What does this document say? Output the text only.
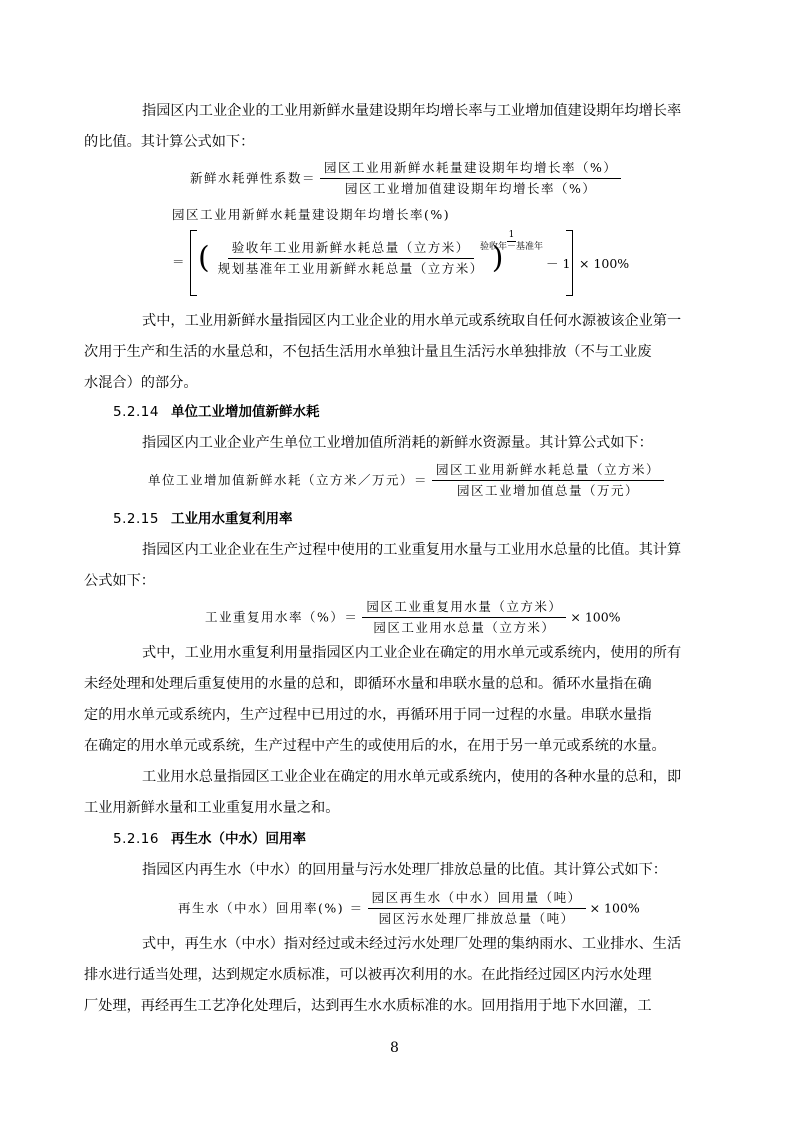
指园区内工业企业的工业用新鲜水量建设期年均增长率与工业增加值建设期年均增长率
的比值。其计算公式如下：
新鲜水耗弹性系数＝ $\frac{\text{园区工业用新鲜水耗量建设期年均增长率（\%）}}{\text{园区工业增加值建设期年均增长率（\%）}}$
园区工业用新鲜水耗量建设期年均增长率(%)
＝ ( $\frac{\text{验收年工业用新鲜水耗总量（立方米）}}{\text{规划基准年工业用新鲜水耗总量（立方米）}}$ )
$\frac{1}{\text{验收年－基准年}}$
－ 1 × 100%
式中，工业用新鲜水量指园区内工业企业的用水单元或系统取自任何水源被该企业第一
次用于生产和生活的水量总和，不包括生活用水单独计量且生活污水单独排放（不与工业废
水混合）的部分。
5.2.14 单位工业增加值新鲜水耗
指园区内工业企业产生单位工业增加值所消耗的新鲜水资源量。其计算公式如下：
单位工业增加值新鲜水耗（立方米／万元）＝ $\frac{\text{园区工业用新鲜水耗总量（立方米）}}{\text{园区工业增加值总量（万元）}}$
5.2.15 工业用水重复利用率
指园区内工业企业在生产过程中使用的工业重复用水量与工业用水总量的比值。其计算
公式如下：
工业重复用水率（%）＝ $\frac{\text{园区工业重复用水量（立方米）}}{\text{园区工业用水总量（立方米）}} \times 100\%$
式中，工业用水重复利用量指园区内工业企业在确定的用水单元或系统内，使用的所有
未经处理和处理后重复使用的水量的总和，即循环水量和串联水量的总和。循环水量指在确
定的用水单元或系统内，生产过程中已用过的水，再循环用于同一过程的水量。串联水量指
在确定的用水单元或系统，生产过程中产生的或使用后的水，在用于另一单元或系统的水量。
工业用水总量指园区工业企业在确定的用水单元或系统内，使用的各种水量的总和，即
工业用新鲜水量和工业重复用水量之和。
5.2.16 再生水（中水）回用率
指园区内再生水（中水）的回用量与污水处理厂排放总量的比值。其计算公式如下：
再生水（中水）回用率(%) ＝ $\frac{\text{园区再生水（中水）回用量（吨）}}{\text{园区污水处理厂排放总量（吨）}} \times 100\%$
式中，再生水（中水）指对经过或未经过污水处理厂处理的集纳雨水、工业排水、生活
排水进行适当处理，达到规定水质标准，可以被再次利用的水。在此指经过园区内污水处理
厂处理，再经再生工艺净化处理后，达到再生水水质标准的水。回用指用于地下水回灌，工
8
